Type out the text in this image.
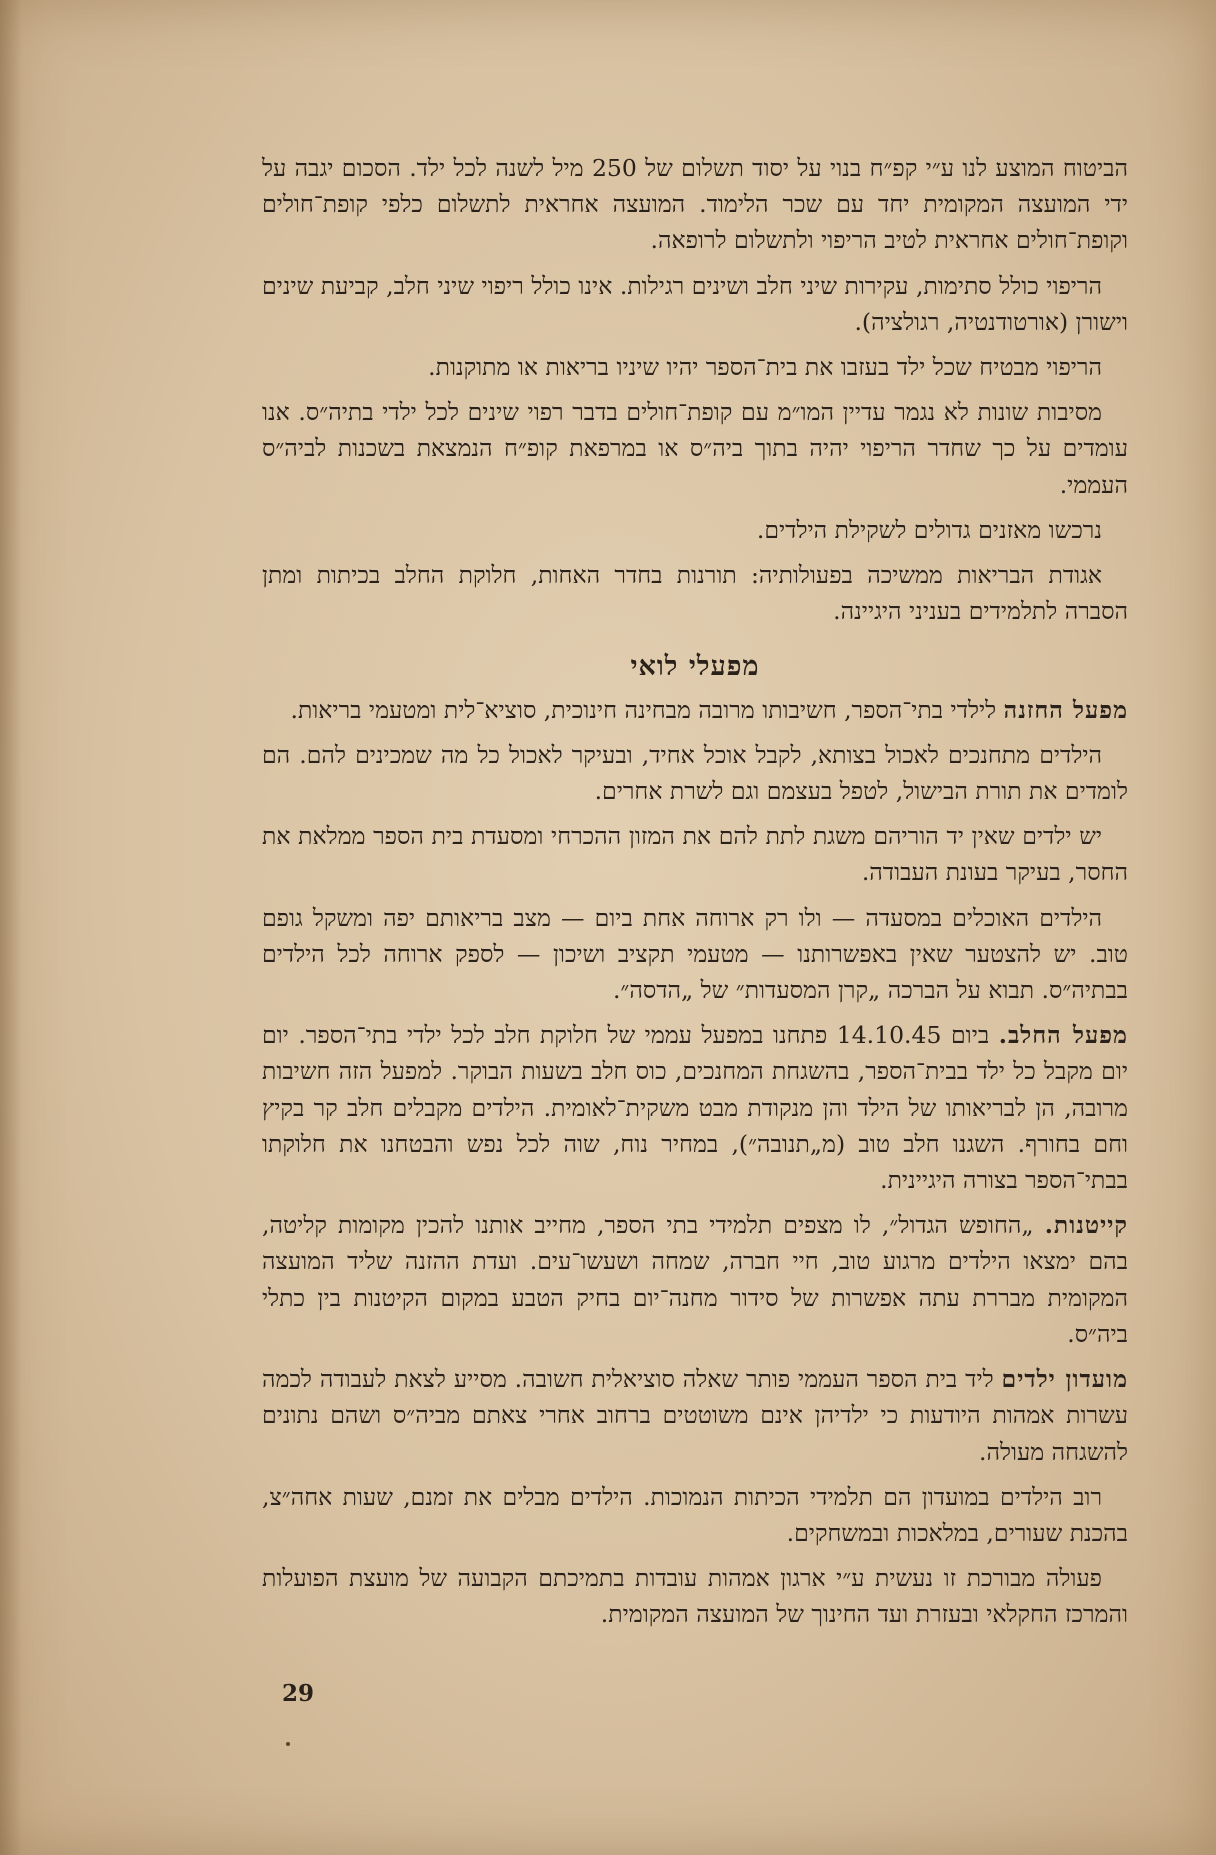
הביטוח המוצע לנו ע״י קפ״ח בנוי על יסוד תשלום של 250 מיל לשנה לכל ילד. הסכום יגבה על ידי המועצה המקומית יחד עם שכר הלימוד. המועצה אחראית לתשלום כלפי קופת־חולים וקופת־חולים אחראית לטיב הריפוי ולתשלום לרופאה.

הריפוי כולל סתימות, עקירות שיני חלב ושינים רגילות. אינו כולל ריפוי שיני חלב, קביעת שינים וישורן (אורטודנטיה, רגולציה).

הריפוי מבטיח שכל ילד בעזבו את בית־הספר יהיו שיניו בריאות או מתוקנות.

מסיבות שונות לא נגמר עדיין המו״מ עם קופת־חולים בדבר רפוי שינים לכל ילדי בתיה״ס. אנו עומדים על כך שחדר הריפוי יהיה בתוך ביה״ס או במרפאת קופ״ח הנמצאת בשכנות לביה״ס העממי.

נרכשו מאזנים גדולים לשקילת הילדים.

אגודת הבריאות ממשיכה בפעולותיה: תורנות בחדר האחות, חלוקת החלב בכיתות ומתן הסברה לתלמידים בעניני היגיינה.

מפעלי לואי

מפעל החזנה לילדי בתי־הספר, חשיבותו מרובה מבחינה חינוכית, סוציא־לית ומטעמי בריאות.

הילדים מתחנכים לאכול בצותא, לקבל אוכל אחיד, ובעיקר לאכול כל מה שמכינים להם. הם לומדים את תורת הבישול, לטפל בעצמם וגם לשרת אחרים.

יש ילדים שאין יד הוריהם משגת לתת להם את המזון ההכרחי ומסעדת בית הספר ממלאת את החסר, בעיקר בעונת העבודה.

הילדים האוכלים במסעדה — ולו רק ארוחה אחת ביום — מצב בריאותם יפה ומשקל גופם טוב. יש להצטער שאין באפשרותנו — מטעמי תקציב ושיכון — לספק ארוחה לכל הילדים בבתיה״ס. תבוא על הברכה „קרן המסעדות״ של „הדסה״.

מפעל החלב. ביום 14.10.45 פתחנו במפעל עממי של חלוקת חלב לכל ילדי בתי־הספר. יום יום מקבל כל ילד בבית־הספר, בהשגחת המחנכים, כוס חלב בשעות הבוקר. למפעל הזה חשיבות מרובה, הן לבריאותו של הילד והן מנקודת מבט משקית־לאומית. הילדים מקבלים חלב קר בקיץ וחם בחורף. השגנו חלב טוב (מ„תנובה״), במחיר נוח, שוה לכל נפש והבטחנו את חלוקתו בבתי־הספר בצורה היגיינית.

קייטנות. „החופש הגדול״, לו מצפים תלמידי בתי הספר, מחייב אותנו להכין מקומות קליטה, בהם ימצאו הילדים מרגוע טוב, חיי חברה, שמחה ושעשו־עים. ועדת ההזנה שליד המועצה המקומית מבררת עתה אפשרות של סידור מחנה־יום בחיק הטבע במקום הקיטנות בין כתלי ביה״ס.

מועדון ילדים ליד בית הספר העממי פותר שאלה סוציאלית חשובה. מסייע לצאת לעבודה לכמה עשרות אמהות היודעות כי ילדיהן אינם משוטטים ברחוב אחרי צאתם מביה״ס ושהם נתונים להשגחה מעולה.

רוב הילדים במועדון הם תלמידי הכיתות הנמוכות. הילדים מבלים את זמנם, שעות אחה״צ, בהכנת שעורים, במלאכות ובמשחקים.

פעולה מבורכת זו נעשית ע״י ארגון אמהות עובדות בתמיכתם הקבועה של מועצת הפועלות והמרכז החקלאי ובעזרת ועד החינוך של המועצה המקומית.

29
